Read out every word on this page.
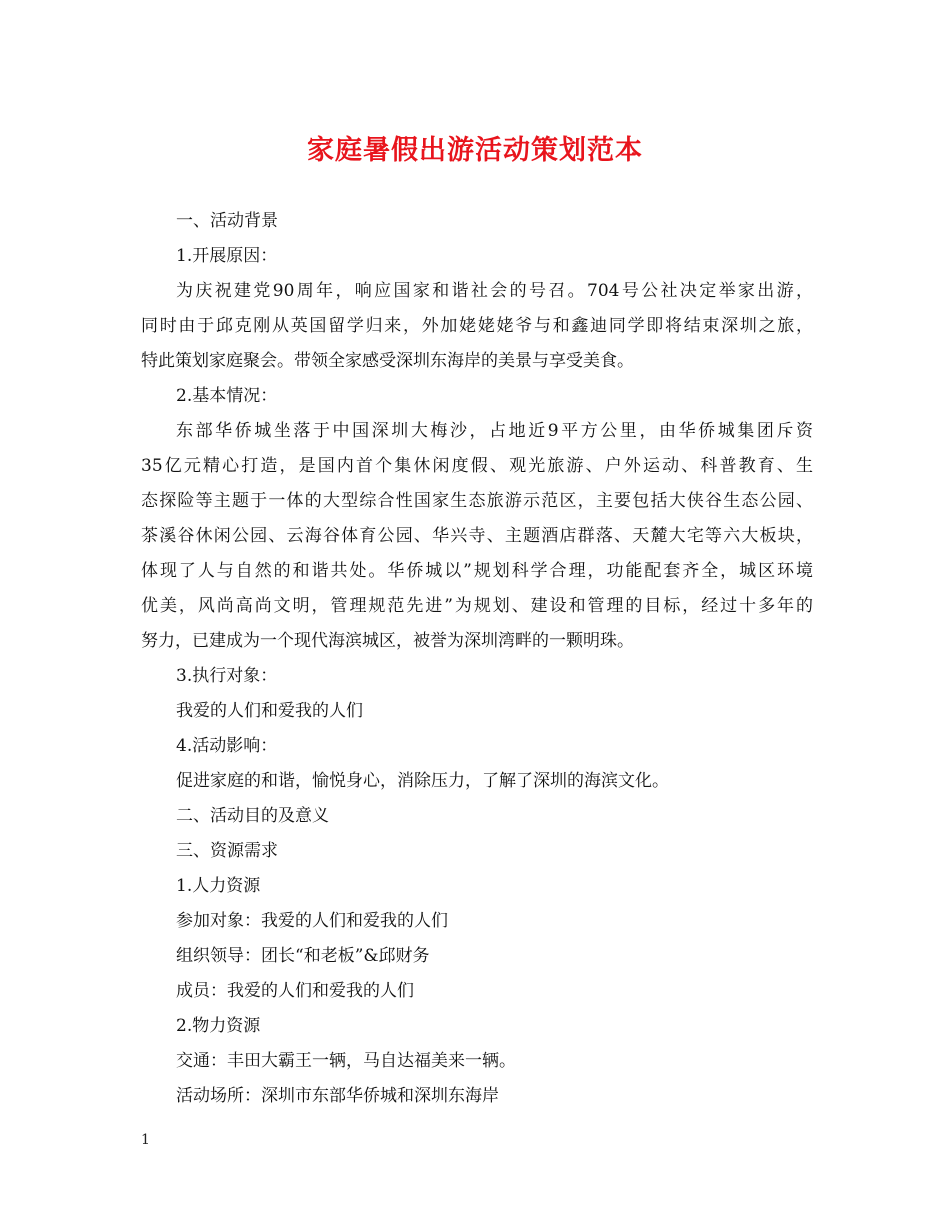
家庭暑假出游活动策划范本
一、活动背景
1.开展原因：
为庆祝建党90周年，响应国家和谐社会的号召。704号公社决定举家出游，
同时由于邱克刚从英国留学归来，外加姥姥姥爷与和鑫迪同学即将结束深圳之旅，
特此策划家庭聚会。带领全家感受深圳东海岸的美景与享受美食。
2.基本情况：
东部华侨城坐落于中国深圳大梅沙，占地近9平方公里，由华侨城集团斥资
35亿元精心打造，是国内首个集休闲度假、观光旅游、户外运动、科普教育、生
态探险等主题于一体的大型综合性国家生态旅游示范区，主要包括大侠谷生态公园、
茶溪谷休闲公园、云海谷体育公园、华兴寺、主题酒店群落、天麓大宅等六大板块，
体现了人与自然的和谐共处。华侨城以”规划科学合理，功能配套齐全，城区环境
优美，风尚高尚文明，管理规范先进”为规划、建设和管理的目标，经过十多年的
努力，已建成为一个现代海滨城区，被誉为深圳湾畔的一颗明珠。
3.执行对象：
我爱的人们和爱我的人们
4.活动影响：
促进家庭的和谐，愉悦身心，消除压力，了解了深圳的海滨文化。
二、活动目的及意义
三、资源需求
1.人力资源
参加对象：我爱的人们和爱我的人们
组织领导：团长“和老板”&邱财务
成员：我爱的人们和爱我的人们
2.物力资源
交通：丰田大霸王一辆，马自达福美来一辆。
活动场所：深圳市东部华侨城和深圳东海岸
1
